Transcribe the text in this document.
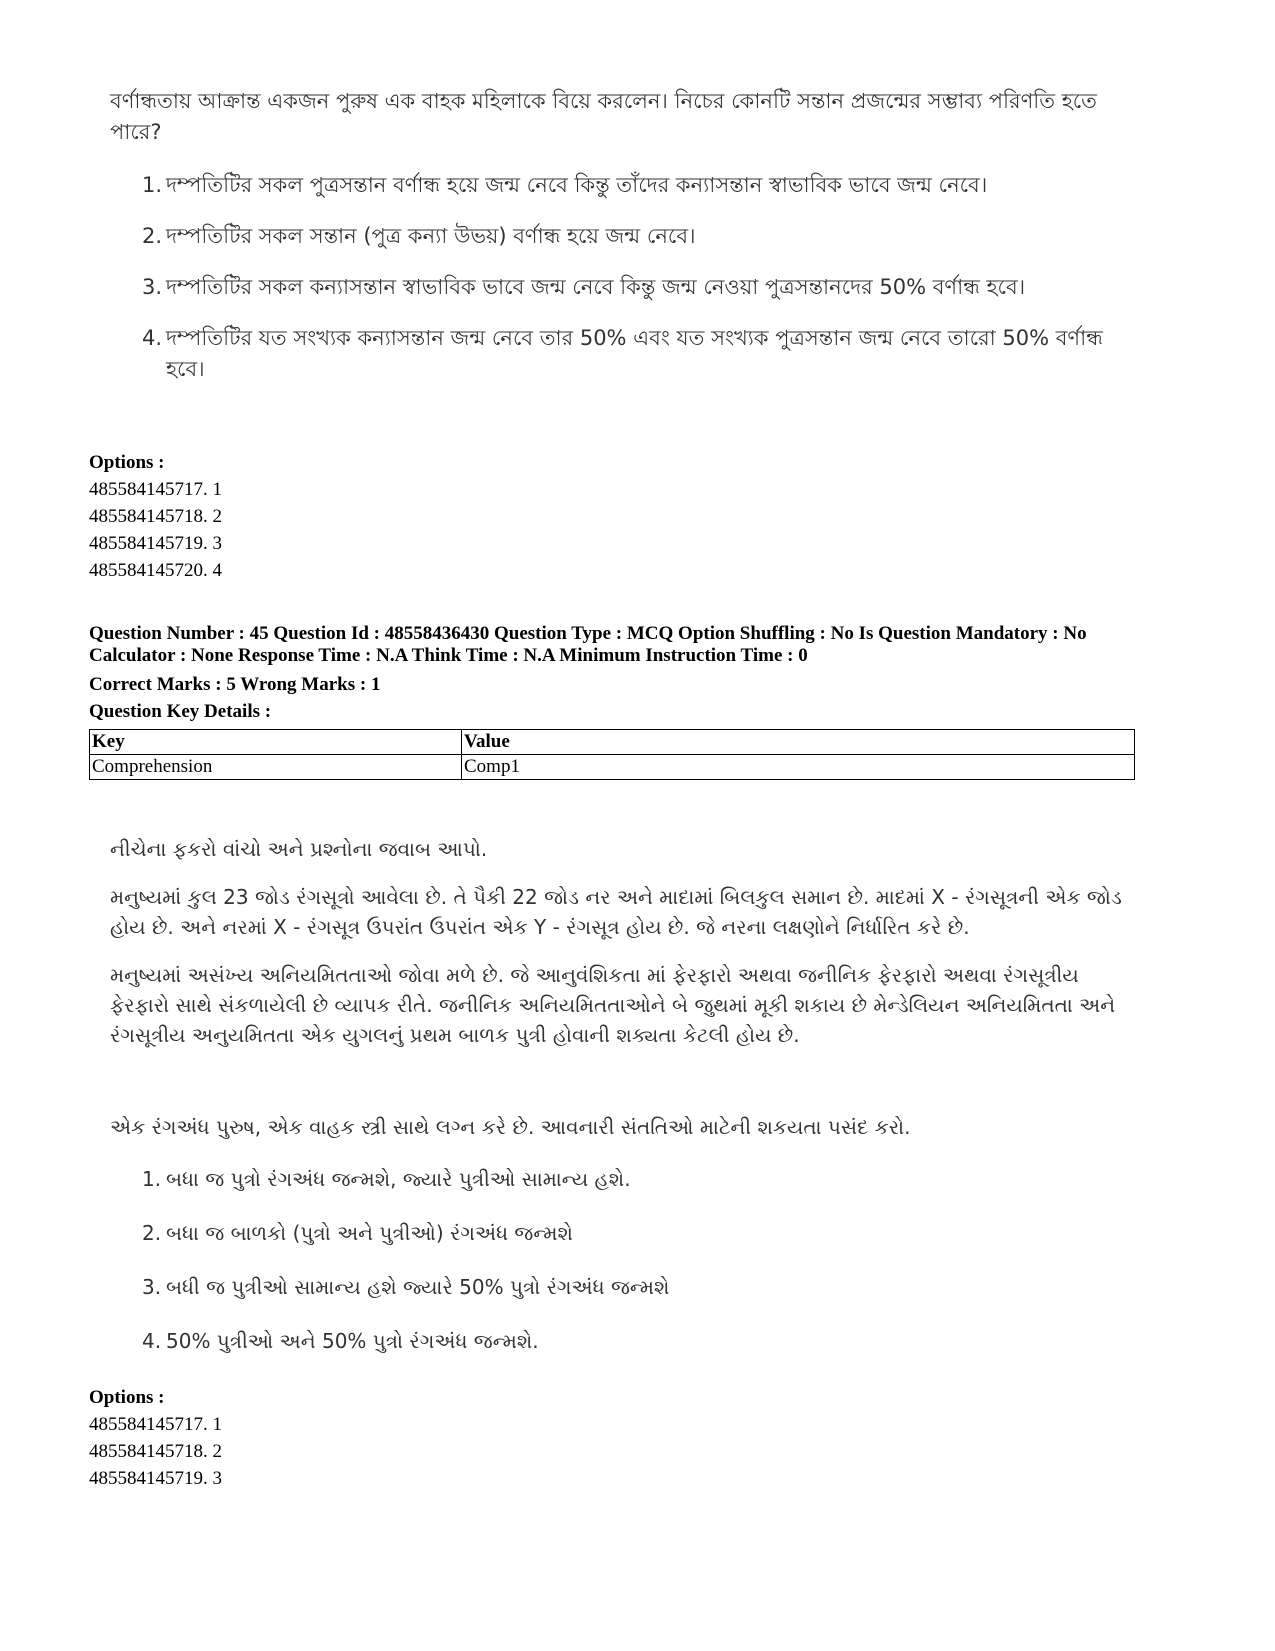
বর্ণান্ধতায় আক্রান্ত একজন পুরুষ এক বাহক মহিলাকে বিয়ে করলেন। নিচের কোনটি সন্তান প্রজন্মের সম্ভাব্য পরিণতি হতে পারে?

1. দম্পতিটির সকল পুত্রসন্তান বর্ণান্ধ হয়ে জন্ম নেবে কিন্তু তাঁদের কন্যাসন্তান স্বাভাবিক ভাবে জন্ম নেবে।
2. দম্পতিটির সকল সন্তান (পুত্র কন্যা উভয়) বর্ণান্ধ হয়ে জন্ম নেবে।
3. দম্পতিটির সকল কন্যাসন্তান স্বাভাবিক ভাবে জন্ম নেবে কিন্তু জন্ম নেওয়া পুত্রসন্তানদের 50% বর্ণান্ধ হবে।
4. দম্পতিটির যত সংখ্যক কন্যাসন্তান জন্ম নেবে তার 50% এবং যত সংখ্যক পুত্রসন্তান জন্ম নেবে তারো 50% বর্ণান্ধ হবে।
Options :
485584145717. 1
485584145718. 2
485584145719. 3
485584145720. 4
Question Number : 45 Question Id : 48558436430 Question Type : MCQ Option Shuffling : No Is Question Mandatory : No Calculator : None Response Time : N.A Think Time : N.A Minimum Instruction Time : 0
Correct Marks : 5 Wrong Marks : 1
Question Key Details :
Key	Value
Comprehension	Comp1

નીચેના ફકરો વાંચો અને પ્રશ્નોના જવાબ આપો.

મનુષ્યમાં કુલ 23 જોડ રંગસૂત્રો આવેલા છે. તે પૈકી 22 જોડ નર અને માદામાં બિલકુલ સમાન છે. માદમાં X - રંગસૂત્રની એક જોડ હોય છે. અને નરમાં X - રંગસૂત્ર ઉપરાંત ઉપરાંત એક Y - રંગસૂત્ર હોય છે. જે નરના લક્ષણોને નિર્ધારિત કરે છે.

મનુષ્યમાં અસંખ્ય અનિયમિતતાઓ જોવા મળે છે. જે આનુવંશિકતા માં ફેરફારો અથવા જનીનિક ફેરફારો અથવા રંગસૂત્રીય ફેરફારો સાથે સંકળાયેલી છે વ્યાપક રીતે. જનીનિક અનિયમિતતાઓને બે જુથમાં મૂકી શકાય છે મેન્ડેલિયન અનિયમિતતા અને રંગસૂત્રીય અનુયમિતતા એક યુગલનું પ્રથમ બાળક પુત્રી હોવાની શક્યતા કેટલી હોય છે.

એક રંગઅંધ પુરુષ, એક વાહક સ્ત્રી સાથે લગ્ન કરે છે. આવનારી સંતતિઓ માટેની શકયતા પસંદ કરો.

1. બધા જ પુત્રો રંગઅંધ જન્મશે, જ્યારે પુત્રીઓ સામાન્ય હશે.
2. બધા જ બાળકો (પુત્રો અને પુત્રીઓ) રંગઅંધ જન્મશે
3. બધી જ પુત્રીઓ સામાન્ય હશે જ્યારે 50% પુત્રો રંગઅંધ જન્મશે
4. 50% પુત્રીઓ અને 50% પુત્રો રંગઅંધ જન્મશે.
Options :
485584145717. 1
485584145718. 2
485584145719. 3
